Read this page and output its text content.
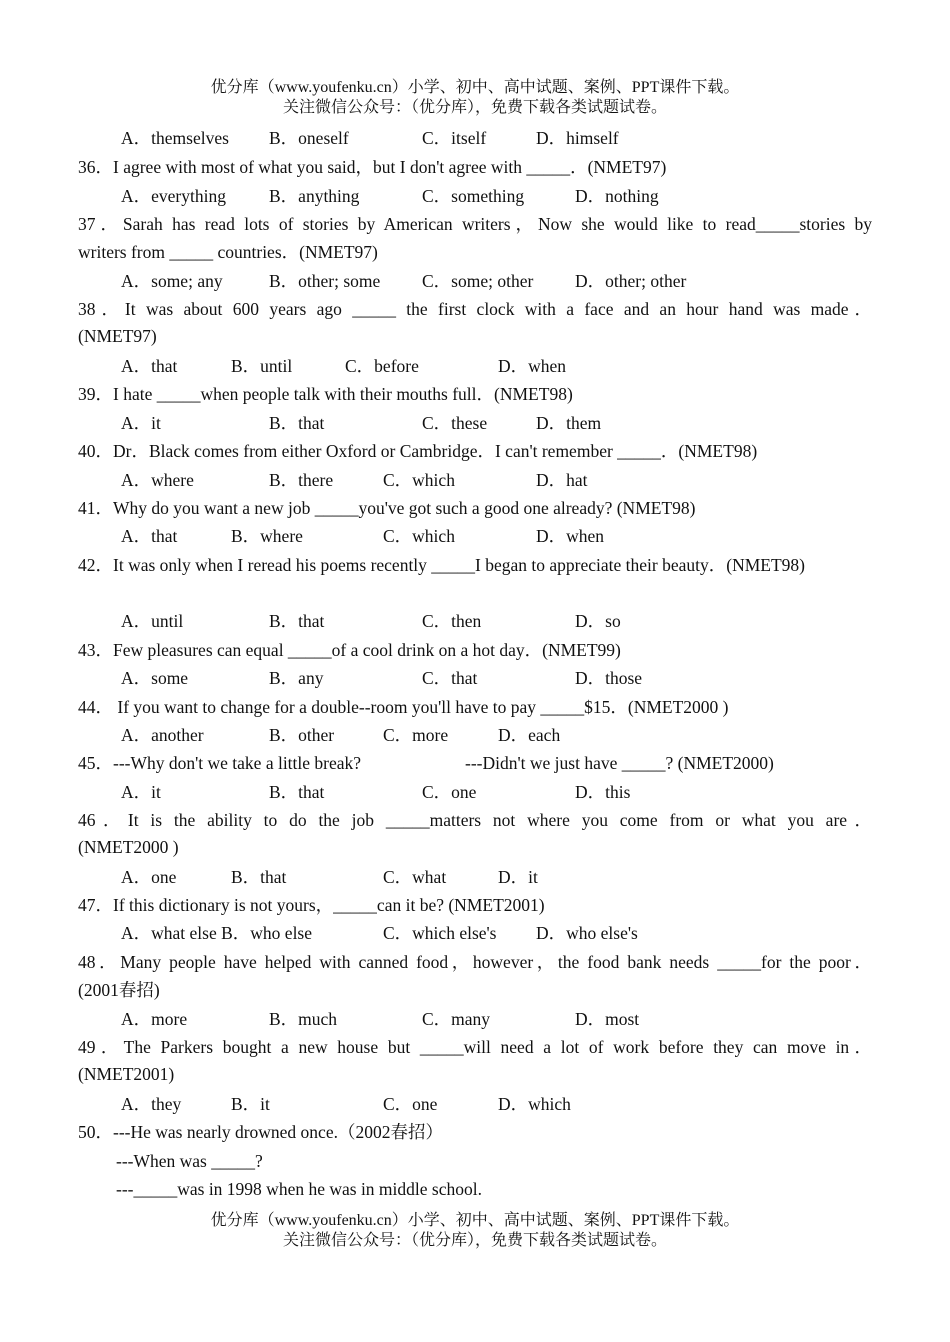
优分库（www.youfenku.cn）小学、初中、高中试题、案例、PPT课件下载。
关注微信公众号：（优分库），免费下载各类试题试卷。
A．themselves B．oneself	C．itself	D．himself
36．I agree with most of what you said，but I don't agree with _____．(NMET97)
A．everything B．anything	C．something	D．nothing
37．Sarah has read lots of stories by American writers，Now she would like to read_____stories by
writers from _____ countries．(NMET97)
A．some; any	B．other; some C．some; other D．other; other
38．It was about 600 years ago _____ the first clock with a face and an hour hand was made．
(NMET97)
A．that	B．until	C．before	D．when
39．I hate _____when people talk with their mouths full．(NMET98)
A．it	B．that	C．these	D．them
40．Dr．Black comes from either Oxford or Cambridge．I can't remember _____．(NMET98)
A．where	B．there	C．which	D．hat
41．Why do you want a new job _____you've got such a good one already? (NMET98)
A．that	B．where	C．which	D．when
42．It was only when I reread his poems recently _____I began to appreciate their beauty．(NMET98)
A．until	B．that	C．then	D．so
43．Few pleasures can equal _____of a cool drink on a hot day．(NMET99)
A．some	B．any	C．that	D．those
44． If you want to change for a double--room you'll have to pay _____$15．(NMET2000 )
A．another	B．other	C．more	D．each
45．---Why don't we take a little break?	---Didn't we just have _____? (NMET2000)
A．it	B．that	C．one	D．this
46．It is the ability to do the job _____matters not where you come from or what you are．
(NMET2000 )
A．one	B．that	C．what	D．it
47．If this dictionary is not yours，_____can it be? (NMET2001)
A．what else B．who else	C．which else's D．who else's
48．Many people have helped with canned food，however，the food bank needs _____for the poor．
(2001春招)
A．more	B．much	C．many	D．most
49．The Parkers bought a new house but _____will need a lot of work before they can move in．
(NMET2001)
A．they	B．it	C．one	D．which
50．---He was nearly drowned once.（2002春招）
---When was _____?
---_____was in 1998 when he was in middle school.
优分库（www.youfenku.cn）小学、初中、高中试题、案例、PPT课件下载。
关注微信公众号：（优分库），免费下载各类试题试卷。
